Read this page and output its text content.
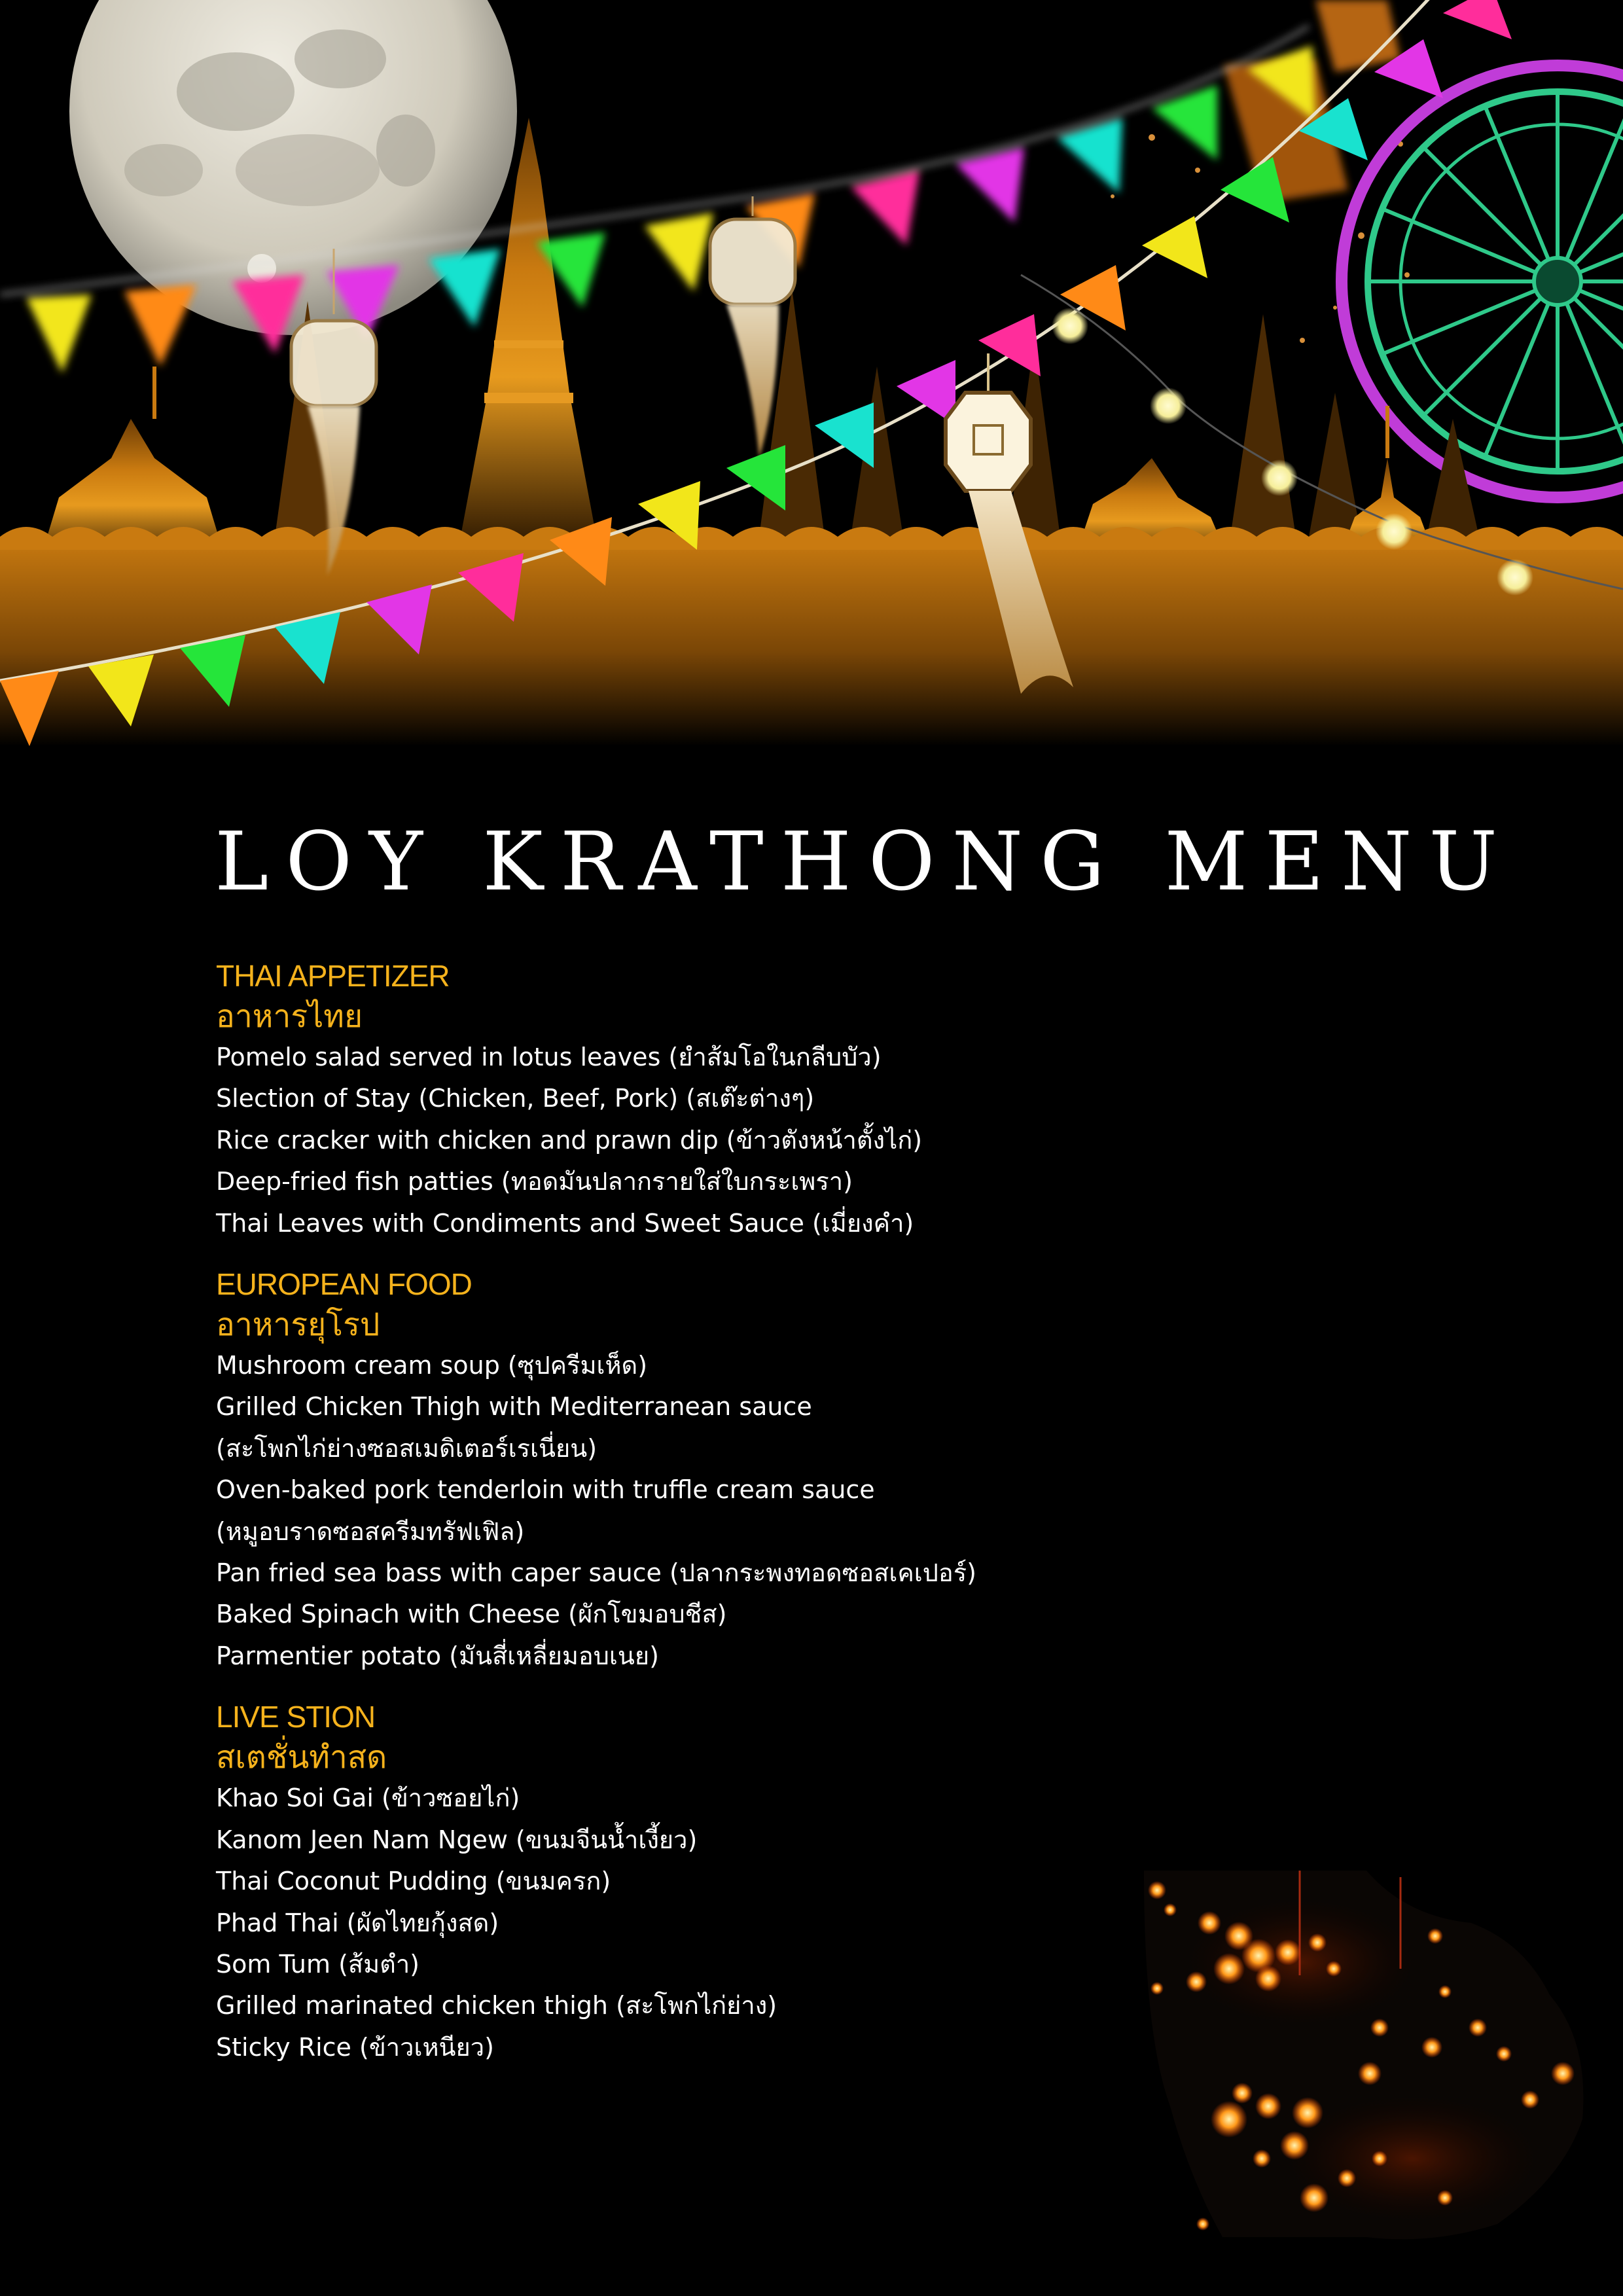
LOY KRATHONG MENU
THAI APPETIZER
อาหารไทย
Pomelo salad served in lotus leaves (ยำส้มโอในกลีบบัว)
Slection of Stay (Chicken, Beef, Pork) (สเต๊ะต่างๆ)
Rice cracker with chicken and prawn dip (ข้าวตังหน้าตั้งไก่)
Deep-fried fish patties (ทอดมันปลากรายใส่ใบกระเพรา)
Thai Leaves with Condiments and Sweet Sauce (เมี่ยงคำ)
EUROPEAN FOOD
อาหารยุโรป
Mushroom cream soup (ซุปครีมเห็ด)
Grilled Chicken Thigh with Mediterranean sauce
(สะโพกไก่ย่างซอสเมดิเตอร์เรเนี่ยน)
Oven-baked pork tenderloin with truffle cream sauce
(หมูอบราดซอสครีมทรัฟเฟิล)
Pan fried sea bass with caper sauce (ปลากระพงทอดซอสเคเปอร์)
Baked Spinach with Cheese (ผักโขมอบชีส)
Parmentier potato (มันสี่เหลี่ยมอบเนย)
LIVE STION
สเตชั่นทำสด
Khao Soi Gai (ข้าวซอยไก่)
Kanom Jeen Nam Ngew (ขนมจีนน้ำเงี้ยว)
Thai Coconut Pudding (ขนมครก)
Phad Thai (ผัดไทยกุ้งสด)
Som Tum (ส้มตำ)
Grilled marinated chicken thigh (สะโพกไก่ย่าง)
Sticky Rice (ข้าวเหนียว)
